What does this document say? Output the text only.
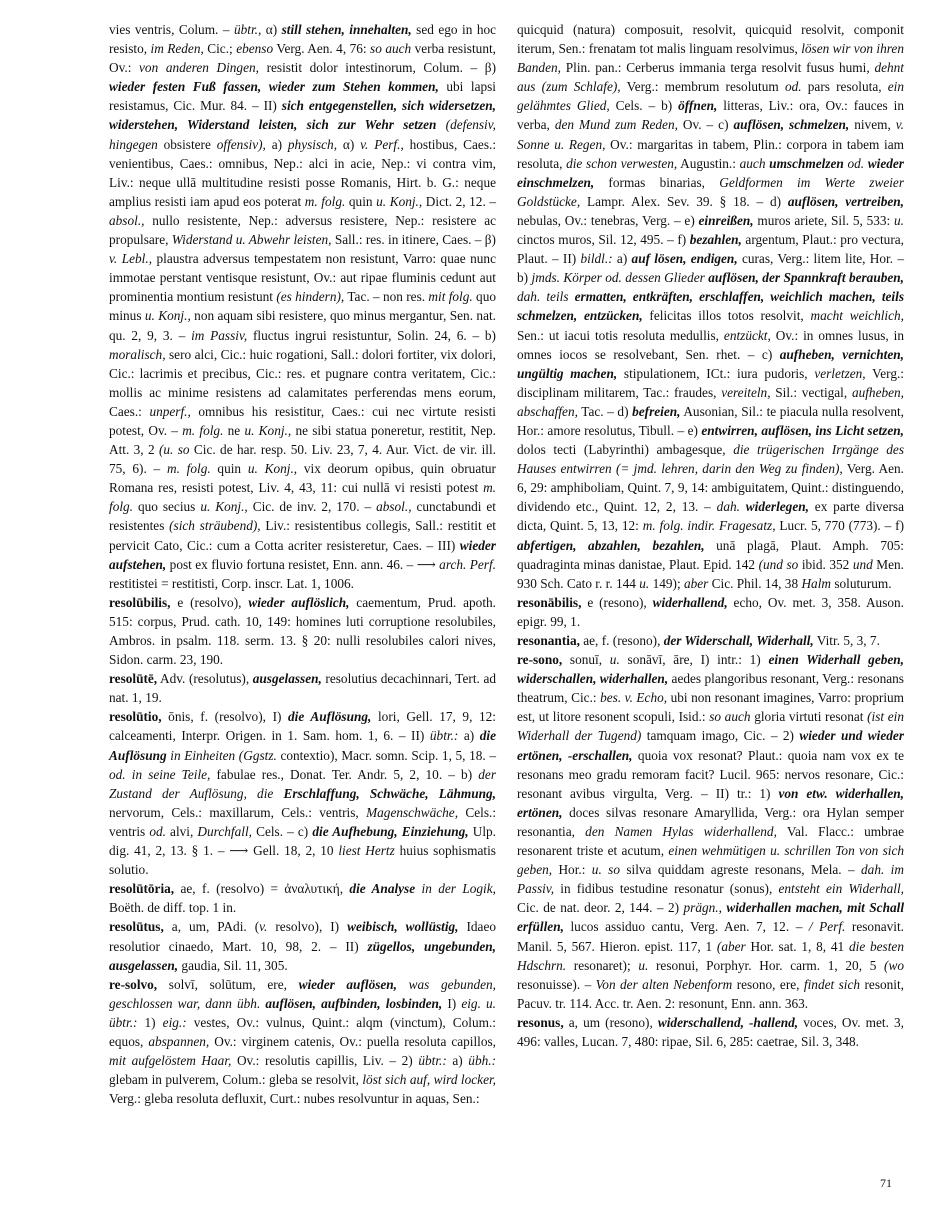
vies ventris, Colum. – übtr., α) still stehen, innehalten, sed ego in hoc resisto, im Reden, Cic.; ebenso Verg. Aen. 4, 76: so auch verba resistunt, Ov.: von anderen Dingen, resistit dolor intestinorum, Colum. – β) wieder festen Fuß fassen, wieder zum Stehen kommen, ubi lapsi resistamus, Cic. Mur. 84. – II) sich entgegenstellen, sich widersetzen, widerstehen, Widerstand leisten, sich zur Wehr setzen (defensiv, hingegen obsistere offensiv), a) physisch, α) v. Perf., hostibus, Caes.: venientibus, Caes.: omnibus, Nep.: alci in acie, Nep.: vi contra vim, Liv.: neque ullā multitudine resisti posse Romanis, Hirt. b. G.: neque amplius resisti iam apud eos poterat m. folg. quin u. Konj., Dict. 2, 12. – absol., nullo resistente, Nep.: adversus resistere, Nep.: resistere ac propulsare, Widerstand u. Abwehr leisten, Sall.: res. in itinere, Caes. – β) v. Lebl., plaustra adversus tempestatem non resistunt, Varro: quae nunc immotae perstant ventisque resistunt, Ov.: aut ripae fluminis cedunt aut prominentia montium resistunt (es hindern), Tac. – non res. mit folg. quo minus u. Konj., non aquam sibi resistere, quo minus mergantur, Sen. nat. qu. 2, 9, 3. – im Passiv, fluctus ingrui resistuntur, Solin. 24, 6. – b) moralisch, sero alci, Cic.: huic rogationi, Sall.: dolori fortiter, vix dolori, Cic.: lacrimis et precibus, Cic.: res. et pugnare contra veritatem, Cic.: mollis ac minime resistens ad calamitates perferendas mens eorum, Caes.: unperf., omnibus his resistitur, Caes.: cui nec virtute resisti potest, Ov. – m. folg. ne u. Konj., ne sibi statua poneretur, restitit, Nep. Att. 3, 2 (u. so Cic. de har. resp. 50. Liv. 23, 7, 4. Aur. Vict. de vir. ill. 75, 6). – m. folg. quin u. Konj., vix deorum opibus, quin obruatur Romana res, resisti potest, Liv. 4, 43, 11: cui nullā vi resisti potest m. folg. quo secius u. Konj., Cic. de inv. 2, 170. – absol., cunctabundi et resistentes (sich sträubend), Liv.: resistentibus collegis, Sall.: restitit et pervicit Cato, Cic.: cum a Cotta acriter resisteretur, Caes. – III) wieder aufstehen, post ex fluvio fortuna resistet, Enn. ann. 46. – ⟶ arch. Perf. restitistei = restitisti, Corp. inscr. Lat. 1, 1006.

resolūbilis, e (resolvo), wieder auflöslich, caementum, Prud. apoth. 515: corpus, Prud. cath. 10, 149: homines luti corruptione resolubiles, Ambros. in psalm. 118. serm. 13. § 20: nulli resolubiles calori nives, Sidon. carm. 23, 190.

resolūtē, Adv. (resolutus), ausgelassen, resolutius decachinnari, Tert. ad nat. 1, 19.

resolūtio, ōnis, f. (resolvo), I) die Auflösung, lori, Gell. 17, 9, 12: calceamenti, Interpr. Origen. in 1. Sam. hom. 1, 6. – II) übtr.: a) die Auflösung in Einheiten (Ggstz. contextio), Macr. somn. Scip. 1, 5, 18. – od. in seine Teile, fabulae res., Donat. Ter. Andr. 5, 2, 10. – b) der Zustand der Auflösung, die Erschlaffung, Schwäche, Lähmung, nervorum, Cels.: maxillarum, Cels.: ventris, Magenschwäche, Cels.: ventris od. alvi, Durchfall, Cels. – c) die Aufhebung, Einziehung, Ulp. dig. 41, 2, 13. § 1. – ⟶ Gell. 18, 2, 10 liest Hertz huius sophismatis solutio.

resolūtōria, ae, f. (resolvo) = ἀναλυτική, die Analyse in der Logik, Boëth. de diff. top. 1 in.

resolūtus, a, um, PAdi. (v. resolvo), I) weibisch, wollüstig, Idaeo resolutior cinaedo, Mart. 10, 98, 2. – II) zügellos, ungebunden, ausgelassen, gaudia, Sil. 11, 305.

re-solvo, solvī, solūtum, ere, wieder auflösen, was gebunden, geschlossen war, dann übh. auflösen, aufbinden, losbinden, I) eig. u. übtr.: 1) eig.: vestes, Ov.: vulnus, Quint.: alqm (vinctum), Colum.: equos, abspannen, Ov.: virginem catenis, Ov.: puella resoluta capillos, mit aufgelöstem Haar, Ov.: resolutis capillis, Liv. – 2) übtr.: a) übh.: glebam in pulverem, Colum.: gleba se resolvit, löst sich auf, wird locker, Verg.: gleba resoluta defluxit, Curt.: nubes resolvuntur in aquas, Sen.:

quicquid (natura) composuit, resolvit, quicquid resolvit, componit iterum, Sen.: frenatam tot malis linguam resolvimus, lösen wir von ihren Banden, Plin. pan.: Cerberus immania terga resolvit fusus humi, dehnt aus (zum Schlafe), Verg.: membrum resolutum od. pars resoluta, ein gelähmtes Glied, Cels. – b) öffnen, litteras, Liv.: ora, Ov.: fauces in verba, den Mund zum Reden, Ov. – c) auflösen, schmelzen, nivem, v. Sonne u. Regen, Ov.: margaritas in tabem, Plin.: corpora in tabem iam resoluta, die schon verwesten, Augustin.: auch umschmelzen od. wieder einschmelzen, formas binarias, Geldformen im Werte zweier Goldstücke, Lampr. Alex. Sev. 39. § 18. – d) auflösen, vertreiben, nebulas, Ov.: tenebras, Verg. – e) einreißen, muros ariete, Sil. 5, 533: u. cinctos muros, Sil. 12, 495. – f) bezahlen, argentum, Plaut.: pro vectura, Plaut. – II) bildl.: a) auf lösen, endigen, curas, Verg.: litem lite, Hor. – b) jmds. Körper od. dessen Glieder auflösen, der Spannkraft berauben, dah. teils ermatten, entkräften, erschlaffen, weichlich machen, teils schmelzen, entzücken, felicitas illos totos resolvit, macht weichlich, Sen.: ut iacui totis resoluta medullis, entzückt, Ov.: in omnes lusus, in omnes iocos se resolvebant, Sen. rhet. – c) aufheben, vernichten, ungültig machen, stipulationem, ICt.: iura pudoris, verletzen, Verg.: disciplinam militarem, Tac.: fraudes, vereiteln, Sil.: vectigal, aufheben, abschaffen, Tac. – d) befreien, Ausonian, Sil.: te piacula nulla resolvent, Hor.: amore resolutus, Tibull. – e) entwirren, auflösen, ins Licht setzen, dolos tecti (Labyrinthi) ambagesque, die trügerischen Irrgänge des Hauses entwirren (= jmd. lehren, darin den Weg zu finden), Verg. Aen. 6, 29: amphiboliam, Quint. 7, 9, 14: ambiguitatem, Quint.: distinguendo, dividendo etc., Quint. 12, 2, 13. – dah. widerlegen, ex parte diversa dicta, Quint. 5, 13, 12: m. folg. indir. Fragesatz, Lucr. 5, 770 (773). – f) abfertigen, abzahlen, bezahlen, unā plagā, Plaut. Amph. 705: quadraginta minas danistae, Plaut. Epid. 142 (und so ibid. 352 und Men. 930 Sch. Cato r. r. 144 u. 149); aber Cic. Phil. 14, 38 Halm soluturum.

resonābilis, e (resono), widerhallend, echo, Ov. met. 3, 358. Auson. epigr. 99, 1.

resonantia, ae, f. (resono), der Widerschall, Widerhall, Vitr. 5, 3, 7.

re-sono, sonuī, u. sonāvī, āre, I) intr.: 1) einen Widerhall geben, widerschallen, widerhallen, aedes plangoribus resonant, Verg.: resonans theatrum, Cic.: bes. v. Echo, ubi non resonant imagines, Varro: proprium est, ut litore resonent scopuli, Isid.: so auch gloria virtuti resonat (ist ein Widerhall der Tugend) tamquam imago, Cic. – 2) wieder und wieder ertönen, -erschallen, quoia vox resonat? Plaut.: quoia nam vox ex te resonans meo gradu remoram facit? Lucil. 965: nervos resonare, Cic.: resonant avibus virgulta, Verg. – II) tr.: 1) von etw. widerhallen, ertönen, doces silvas resonare Amaryllida, Verg.: ora Hylan semper resonantia, den Namen Hylas widerhallend, Val. Flacc.: umbrae resonarent triste et acutum, einen wehmütigen u. schrillen Ton von sich geben, Hor.: u. so silva quiddam agreste resonans, Mela. – dah. im Passiv, in fidibus testudine resonatur (sonus), entsteht ein Widerhall, Cic. de nat. deor. 2, 144. – 2) prägn., widerhallen machen, mit Schall erfüllen, lucos assiduo cantu, Verg. Aen. 7, 12. – / Perf. resonavit. Manil. 5, 567. Hieron. epist. 117, 1 (aber Hor. sat. 1, 8, 41 die besten Hdschrn. resonaret); u. resonui, Porphyr. Hor. carm. 1, 20, 5 (wo resonuisse). – Von der alten Nebenform resono, ere, findet sich resonit, Pacuv. tr. 114. Acc. tr. Aen. 2: resonunt, Enn. ann. 363.

resonus, a, um (resono), widerschallend, -hallend, voces, Ov. met. 3, 496: valles, Lucan. 7, 480: ripae, Sil. 6, 285: caetrae, Sil. 3, 348.

71
